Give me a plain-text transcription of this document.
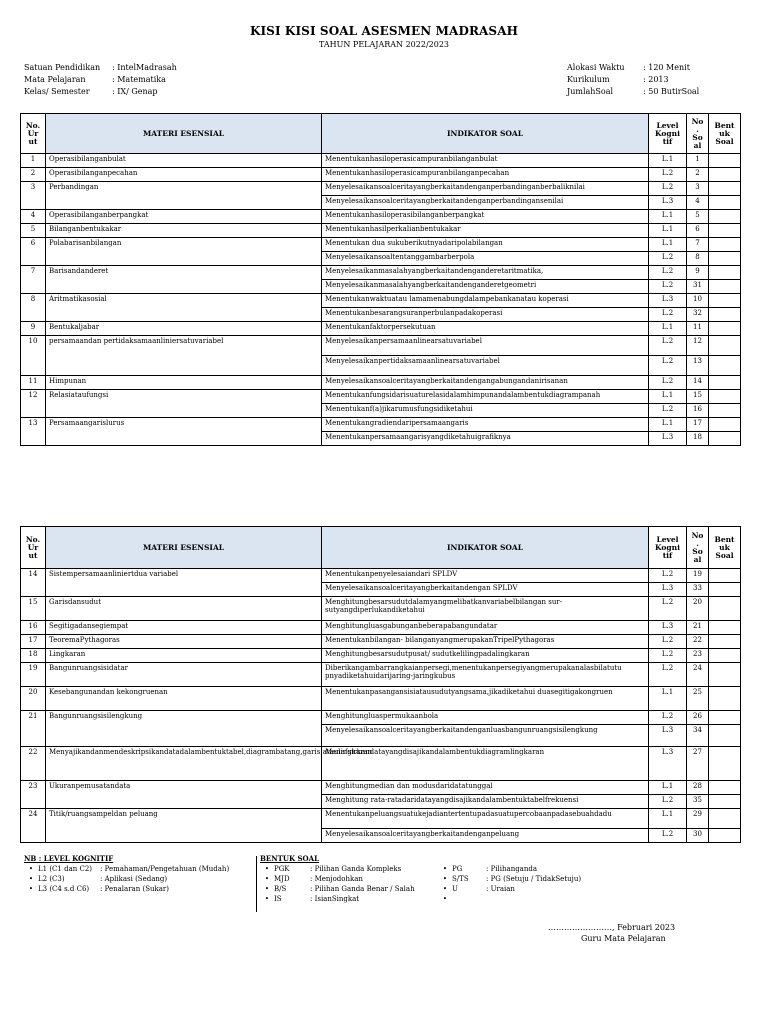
KISI KISI SOAL ASESMEN MADRASAH
TAHUN PELAJARAN 2022/2023
Satuan Pendidikan : IntelMadrasah
Mata Pelajaran	: Matematika
Kelas/ Semester	: IX/ Genap
Alokasi Waktu : 120 Menit
Kurikulum	: 2013
JumlahSoal	: 50 ButirSoal
No. Ur ut	MATERI ESENSIAL	INDIKATOR SOAL	Level Kogni tif	No . So al	Bent uk Soal
1	Operasibilanganbulat	Menentukanhasiloperasicampuranbilanganbulat	L.1	1	
2	Operasibilanganpecahan	Menentukanhasiloperasicampuranbilanganpecahan	L.2	2	
3	Perbandingan	Menyelesaikansoalceritayangberkaitandenganperbandinganberbaliknilai	L.2	3	
		Menyelesaikansoalceritayangberkaitandenganperbandingansenilai	L.3	4	
4	Operasibilanganberpangkat	Menentukanhasiloperasibilanganberpangkat	L.1	5	
5	Bilanganbentukakar	Menentukanhasilperkalianbentukakar	L.1	6	
6	Polabarisanbilangan	Menentukan dua sukuberikutnyadaripolabilangan	L.1	7	
		Menyelesaikansoaltentanggambarberpola	L.2	8	
7	Barisandanderet	Menyelesaikanmasalahyangberkaitandenganderetaritmatika,	L.2	9	
		Menyelesaikanmasalahyangberkaitandenganderetgeometri	L.2	31	
8	Aritmatikasosial	Menentukanwaktuatau lamamenabungdalampebankanatau koperasi	L.3	10	
		Menentukanbesarangsuranperbulanpadakoperasi	L.2	32	
9	Bentukaljabar	Menentukanfaktorpersekutuan	L.1	11	
10	persamaandan pertidaksamaanliniersatuvariabel	Menyelesaikanpersamaanlinearsatuvariabel	L.2	12	
		Menyelesaikanpertidaksamaanlinearsatuvariabel	L.2	13	
11	Himpunan	Menyelesaikansoalceritayangberkaitandengangabungandanirisanan	L.2	14	
12	Relasiataufungsi	Menentukanfungsidarisuaturelasidalamhimpunandalambentukdiagrampanah	L.1	15	
		Menentukanf(a)jikarumusfungsidiketahui	L.2	16	
13	Persamaangarislurus	Menentukangradiendaripersamaangaris	L.1	17	
		Menentukanpersamaangarisyangdiketahuigrafiknya	L.3	18	
No. Ur ut	MATERI ESENSIAL	INDIKATOR SOAL	Level Kogni tif	No . So al	Bent uk Soal
14	Sistempersamaanliniertdua variabel	Menentukanpenyelesaiandari SPLDV	L.2	19	
		Menyelesaikansoalceritayangberkaitandengan SPLDV	L.3	33	
15	Garisdansudut	Menghitungbesarsudutdalamyangmelibatkanvariabelbilangan sur-sutyangdiperlukandiketahui	L.2	20	
16	Segitigadansegiempat	Menghitungluasgabunganbeberapabangundatar	L.3	21	
17	TeoremaPythagoras	Menentukanbilangan- bilanganyangmerupakanTripelPythagoras	L.2	22	
18	Lingkaran	Menghitungbesarsudutpusat/ sudutkelilingpadalingkaran	L.2	23	
19	Bangunruangsisidatar	Diberikangambarrangkaianpersegi,menentukanpersegiyangmerupakanalasbilatutu pnyadiketahuidarijaring-jaringkubus	L.2	24	
20	Kesebangunandan kekongruenan	Menentukanpasangansisiatausudutyangsama,jikadiketahui duasegitigakongruen	L.1	25	
21	Bangunruangsisilengkung	Menghitungluaspermukaanbola	L.2	26	
		Menyelesaikansoalceritayangberkaitandenganluasbangunruangsisilengkung	L.3	34	
22	Menyajikandanmendeskripsikandatadalambentuktabel,diagrambatang,garis,ataulingkaran	Menafsirkandatayangdisajikandalambentukdiagramlingkaran	L.3	27	
23	Ukuranpemusatandata	Menghitungmedian dan modusdaridatatunggal	L.1	28	
		Menghitung rata-ratadaridatayangdisajikandalambentuktabelfrekuensi	L.2	35	
24	Titik/ruangsampeldan peluang	Menentukanpeluangsuatukejadiantertentupadasuatupercobaanpadasebuahdadu	L.1	29	
		Menyelesaikansoalceritayangberkaitandenganpeluang	L.2	30	
NB : LEVEL KOGNITIF
• L1 (C1 dan C2) : Pemahaman/Pengetahuan (Mudah)
• L2 (C3)	: Aplikasi (Sedang)
• L3 (C4 s.d C6) : Penalaran (Sukar)
BENTUK SOAL
• PGK	: Pilihan Ganda Kompleks
• MJD	: Menjodohkan
• B/S	: Pilihan Ganda Benar / Salah
• IS	: IsianSingkat
• PG	: Pilihanganda
• S/TS : PG (Setuju / TidakSetuju)
• U	: Uraian
•
……………………, Februari 2023
Guru Mata Pelajaran
